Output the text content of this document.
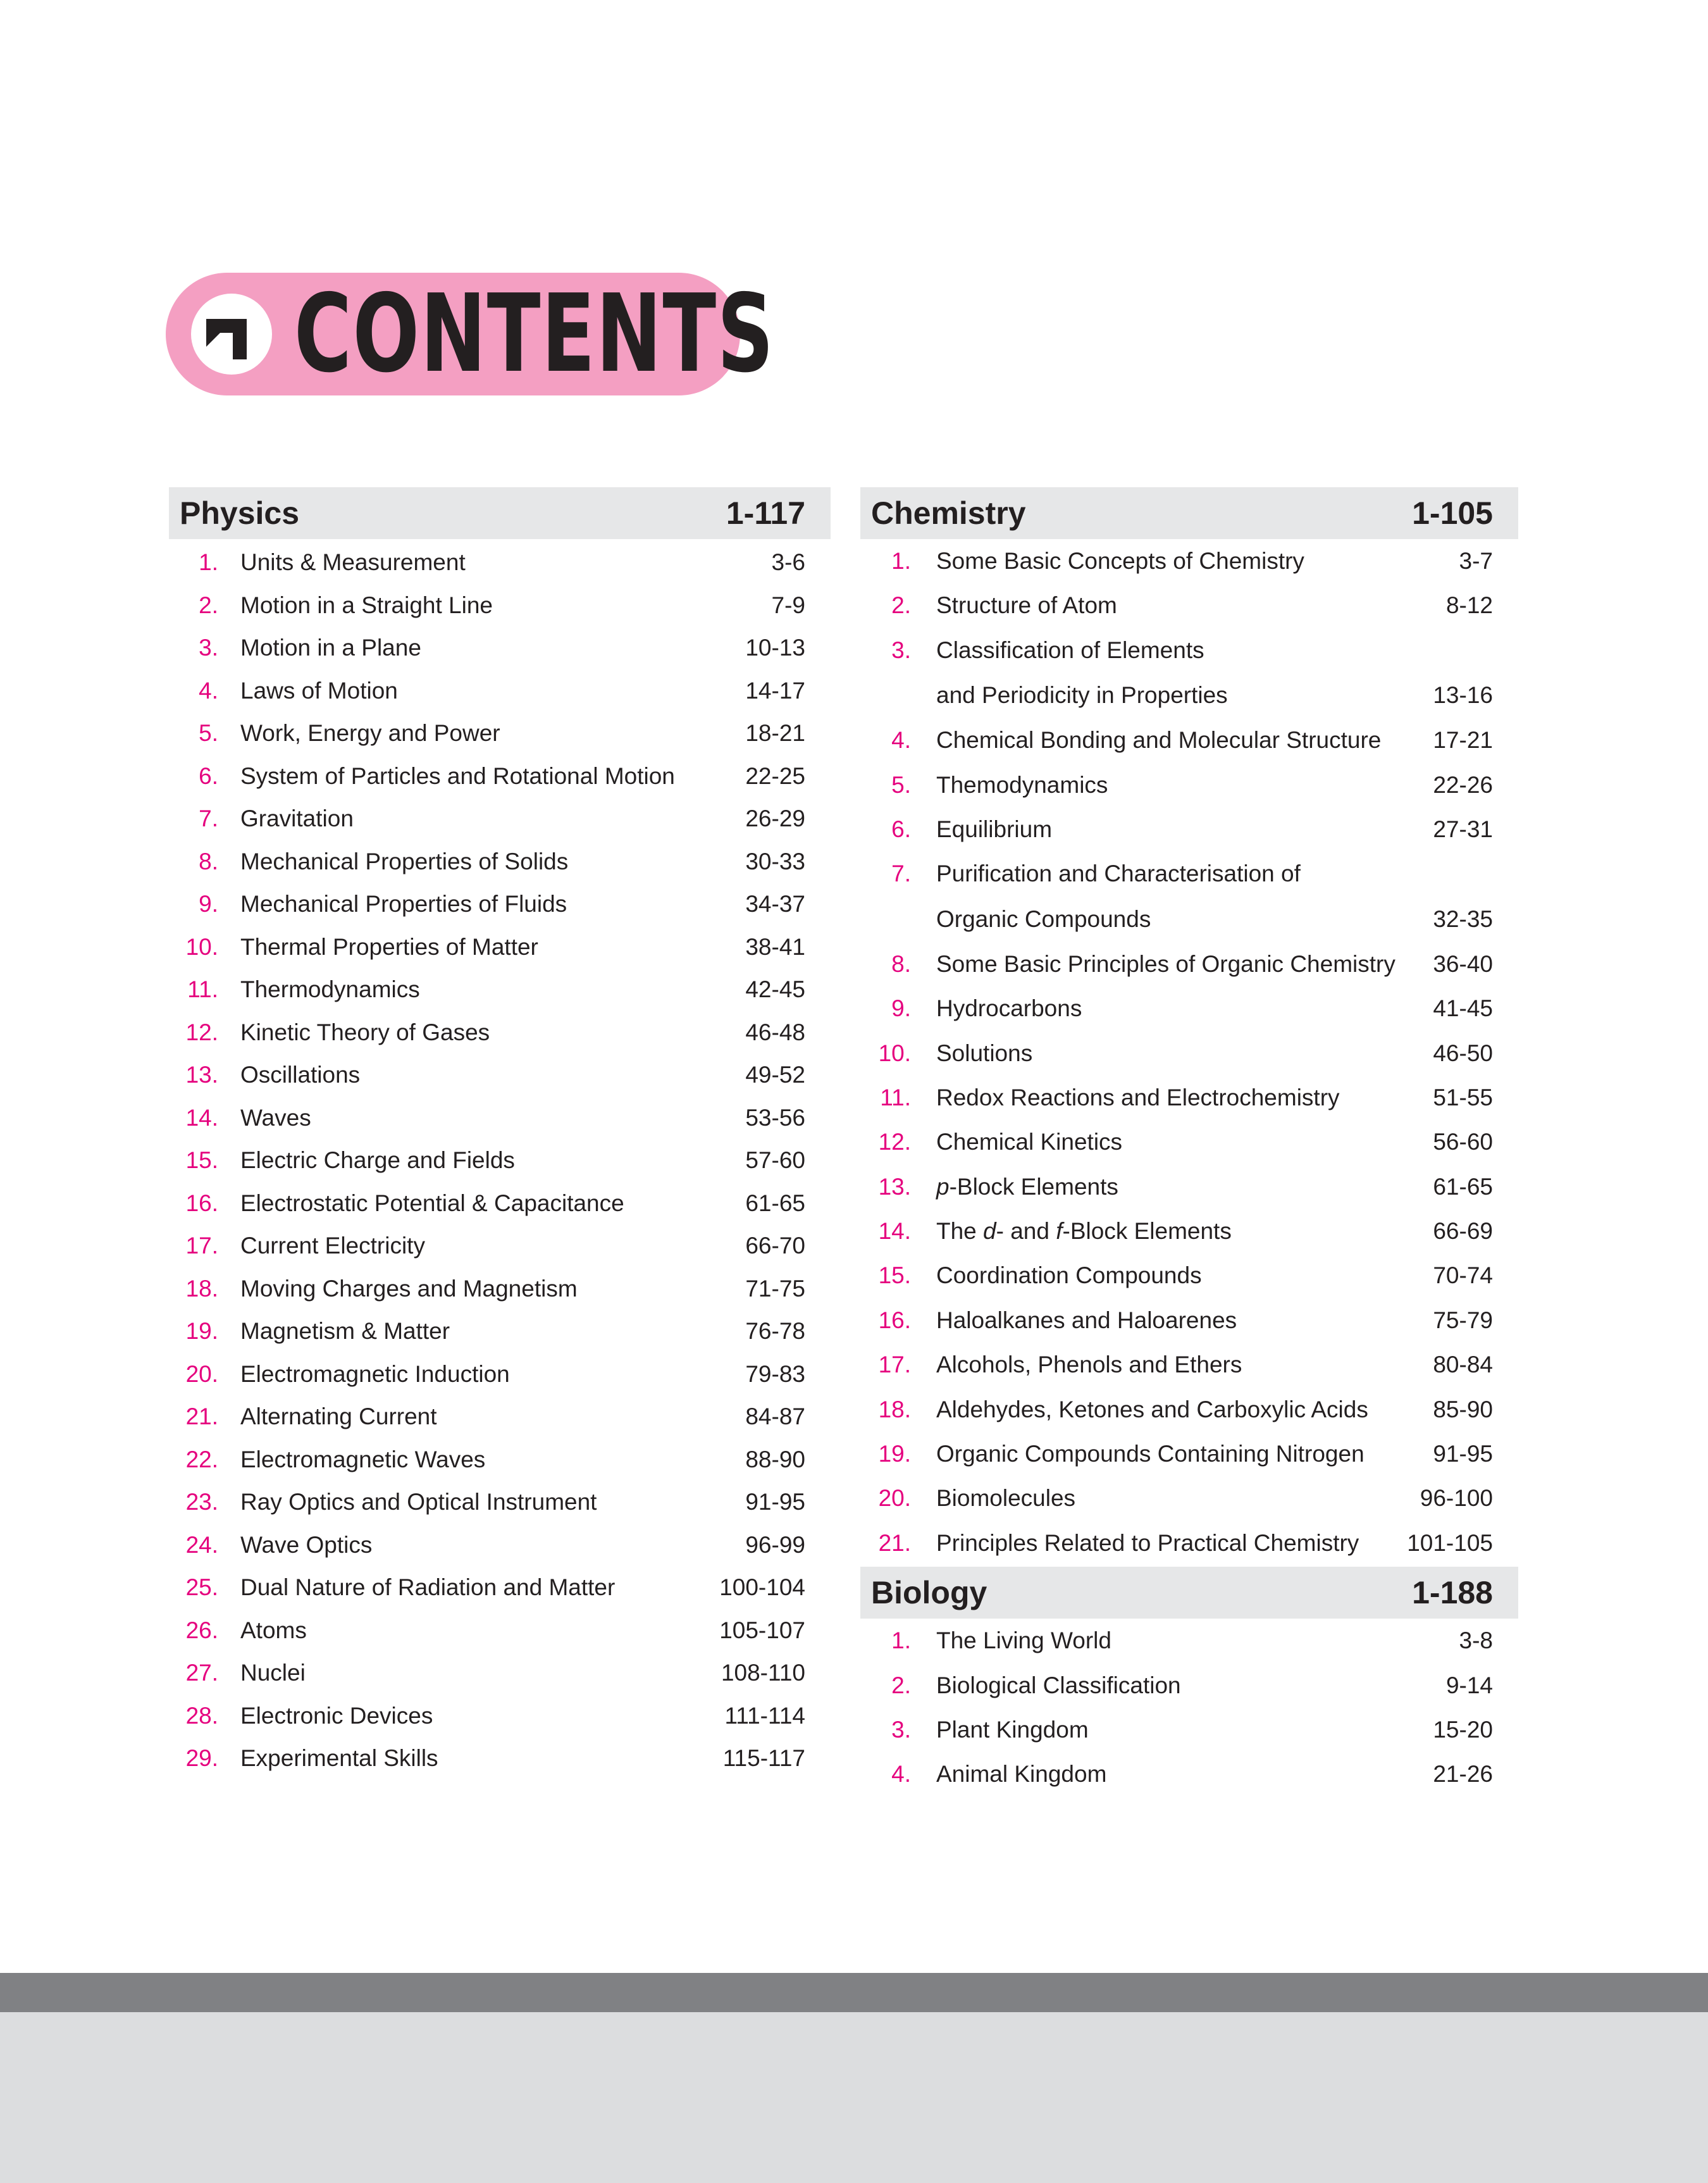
CONTENTS
Physics	1-117
1. Units & Measurement	3-6
2. Motion in a Straight Line	7-9
3. Motion in a Plane	10-13
4. Laws of Motion	14-17
5. Work, Energy and Power	18-21
6. System of Particles and Rotational Motion	22-25
7. Gravitation	26-29
8. Mechanical Properties of Solids	30-33
9. Mechanical Properties of Fluids	34-37
10. Thermal Properties of Matter	38-41
11. Thermodynamics	42-45
12. Kinetic Theory of Gases	46-48
13. Oscillations	49-52
14. Waves	53-56
15. Electric Charge and Fields	57-60
16. Electrostatic Potential & Capacitance	61-65
17. Current Electricity	66-70
18. Moving Charges and Magnetism	71-75
19. Magnetism & Matter	76-78
20. Electromagnetic Induction	79-83
21. Alternating Current	84-87
22. Electromagnetic Waves	88-90
23. Ray Optics and Optical Instrument	91-95
24. Wave Optics	96-99
25. Dual Nature of Radiation and Matter	100-104
26. Atoms	105-107
27. Nuclei	108-110
28. Electronic Devices	111-114
29. Experimental Skills	115-117
Chemistry	1-105
1. Some Basic Concepts of Chemistry	3-7
2. Structure of Atom	8-12
3. Classification of Elements
and Periodicity in Properties	13-16
4. Chemical Bonding and Molecular Structure 17-21
5. Themodynamics	22-26
6. Equilibrium	27-31
7. Purification and Characterisation of
Organic Compounds	32-35
8. Some Basic Principles of Organic Chemistry 36-40
9. Hydrocarbons	41-45
10. Solutions	46-50
11. Redox Reactions and Electrochemistry	51-55
12. Chemical Kinetics	56-60
13. p-Block Elements	61-65
14. The d- and f-Block Elements	66-69
15. Coordination Compounds	70-74
16. Haloalkanes and Haloarenes	75-79
17. Alcohols, Phenols and Ethers	80-84
18. Aldehydes, Ketones and Carboxylic Acids	85-90
19. Organic Compounds Containing Nitrogen	91-95
20. Biomolecules	96-100
21. Principles Related to Practical Chemistry 101-105
Biology	1-188
1. The Living World	3-8
2. Biological Classification	9-14
3. Plant Kingdom	15-20
4. Animal Kingdom	21-26
